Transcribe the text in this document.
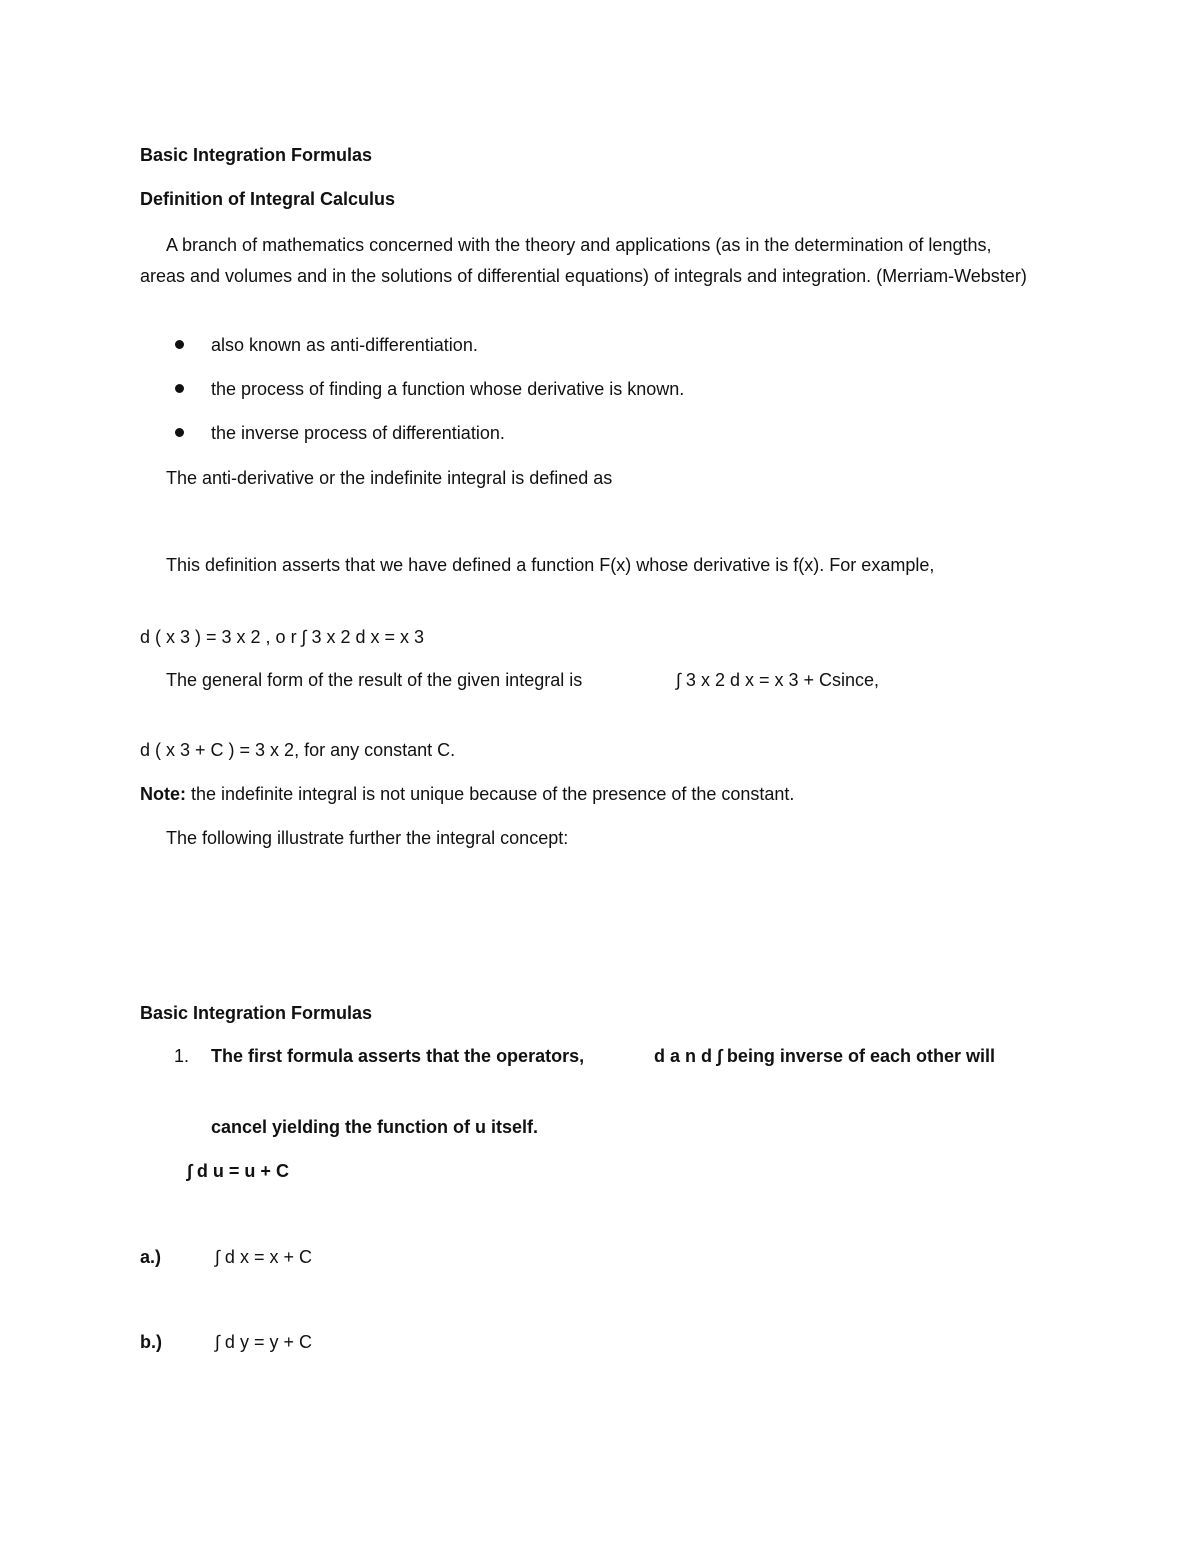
Basic Integration Formulas
Definition of Integral Calculus
A branch of mathematics concerned with the theory and applications (as in the determination of lengths, areas and volumes and in the solutions of differential equations) of integrals and integration. (Merriam-Webster)
also known as anti-differentiation.
the process of finding a function whose derivative is known.
the inverse process of differentiation.
The anti-derivative or the indefinite integral is defined as
This definition asserts that we have defined a function F(x) whose derivative is f(x). For example,
d ( x 3 ) = 3 x 2 , o r ∫ 3 x 2 d x = x 3
The general form of the result of the given integral is	∫ 3 x 2 d x = x 3 + Csince,
d ( x 3 + C ) = 3 x 2, for any constant C.
Note: the indefinite integral is not unique because of the presence of the constant.
The following illustrate further the integral concept:
Basic Integration Formulas
1. The first formula asserts that the operators,	d a n d ∫ being inverse of each other will
cancel yielding the function of u itself.
∫ d u = u + C
a.)	∫ d x = x + C
b.)	∫ d y = y + C
